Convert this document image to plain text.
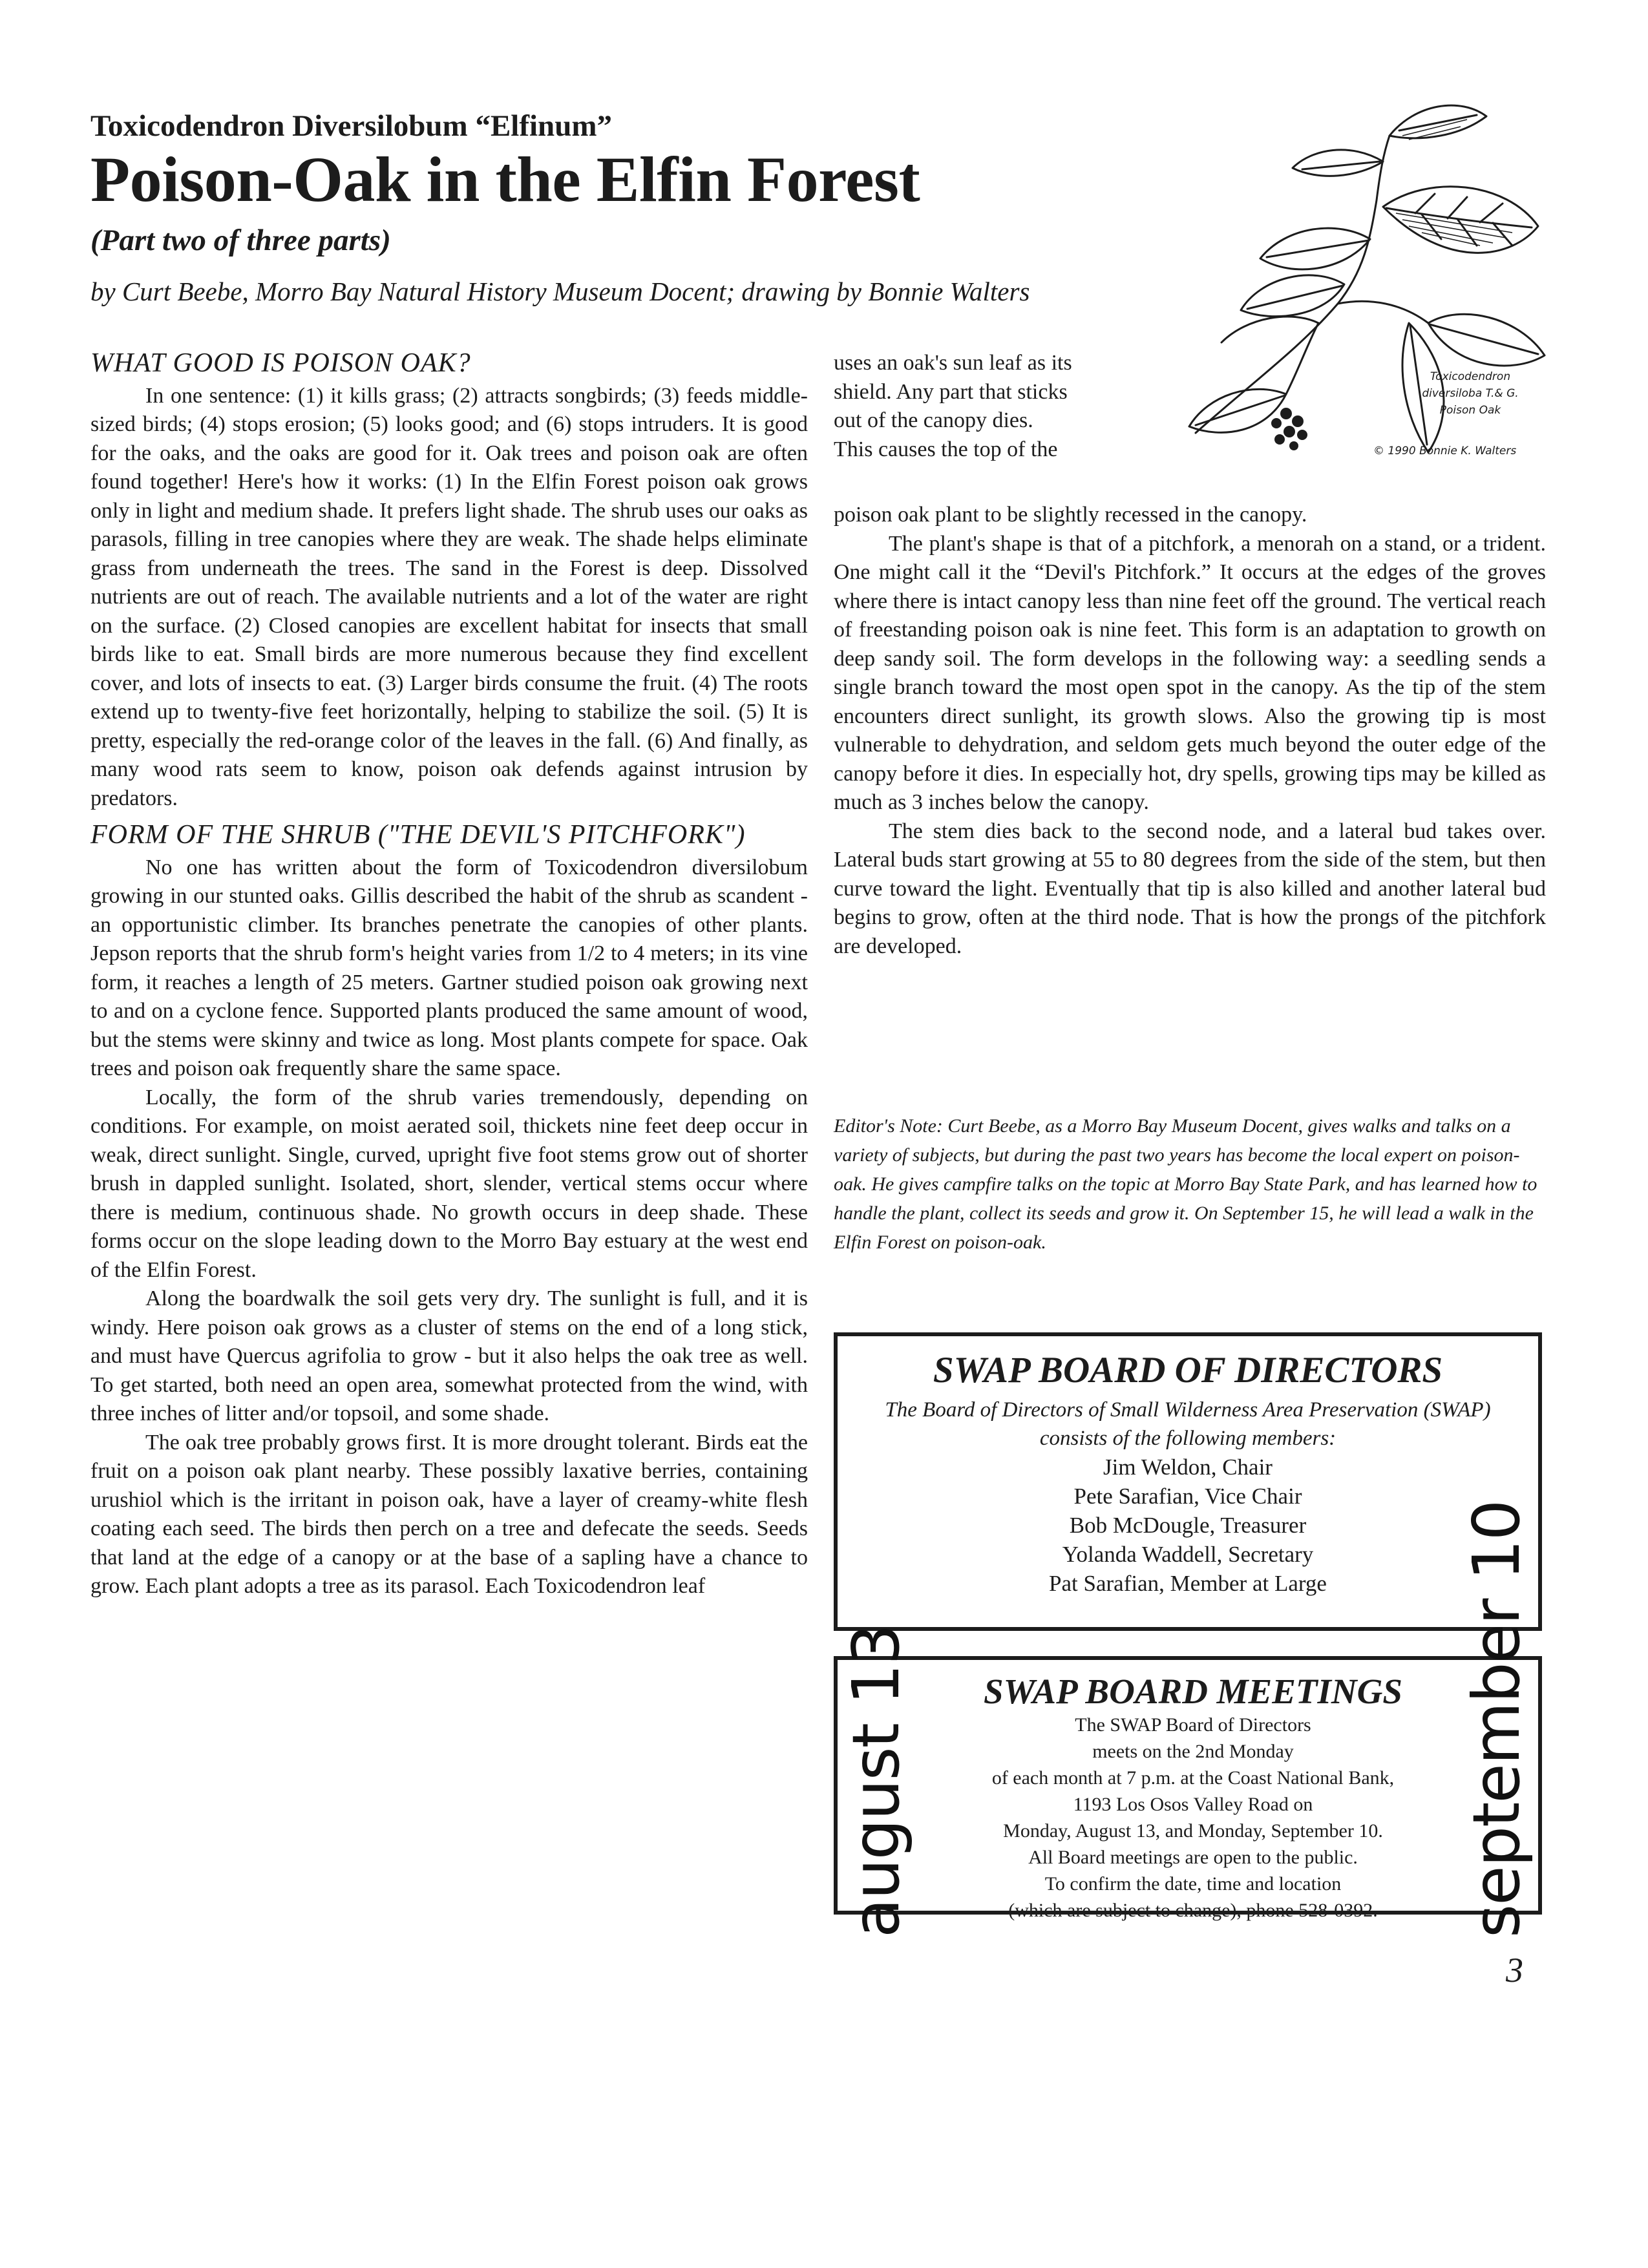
Toxicodendron Diversilobum “Elfinum”
Poison-Oak in the Elfin Forest
(Part two of three parts)
by Curt Beebe, Morro Bay Natural History Museum Docent; drawing by Bonnie Walters
Toxicodendron
diversiloba T.& G.
Poison Oak
© 1990 Bonnie K. Walters
WHAT GOOD IS POISON OAK?

In one sentence: (1) it kills grass; (2) attracts songbirds; (3) feeds middle-sized birds; (4) stops erosion; (5) looks good; and (6) stops intruders. It is good for the oaks, and the oaks are good for it. Oak trees and poison oak are often found together! Here's how it works: (1) In the Elfin Forest poison oak grows only in light and medium shade. It prefers light shade. The shrub uses our oaks as parasols, filling in tree canopies where they are weak. The shade helps eliminate grass from underneath the trees. The sand in the Forest is deep. Dissolved nutrients are out of reach. The available nutrients and a lot of the water are right on the surface. (2) Closed canopies are excellent habitat for insects that small birds like to eat. Small birds are more numerous because they find excellent cover, and lots of insects to eat. (3) Larger birds consume the fruit. (4) The roots extend up to twenty-five feet horizontally, helping to stabilize the soil. (5) It is pretty, especially the red-orange color of the leaves in the fall. (6) And finally, as many wood rats seem to know, poison oak defends against intrusion by predators.

FORM OF THE SHRUB ("THE DEVIL'S PITCHFORK")

No one has written about the form of Toxicodendron diversilobum growing in our stunted oaks. Gillis described the habit of the shrub as scandent - an opportunistic climber. Its branches penetrate the canopies of other plants. Jepson reports that the shrub form's height varies from 1/2 to 4 meters; in its vine form, it reaches a length of 25 meters. Gartner studied poison oak growing next to and on a cyclone fence. Supported plants produced the same amount of wood, but the stems were skinny and twice as long. Most plants compete for space. Oak trees and poison oak frequently share the same space.

Locally, the form of the shrub varies tremendously, depending on conditions. For example, on moist aerated soil, thickets nine feet deep occur in weak, direct sunlight. Single, curved, upright five foot stems grow out of shorter brush in dappled sunlight. Isolated, short, slender, vertical stems occur where there is medium, continuous shade. No growth occurs in deep shade. These forms occur on the slope leading down to the Morro Bay estuary at the west end of the Elfin Forest.

Along the boardwalk the soil gets very dry. The sunlight is full, and it is windy. Here poison oak grows as a cluster of stems on the end of a long stick, and must have Quercus agrifolia to grow - but it also helps the oak tree as well. To get started, both need an open area, somewhat protected from the wind, with three inches of litter and/or topsoil, and some shade.

The oak tree probably grows first. It is more drought tolerant. Birds eat the fruit on a poison oak plant nearby. These possibly laxative berries, containing urushiol which is the irritant in poison oak, have a layer of creamy-white flesh coating each seed. The birds then perch on a tree and defecate the seeds. Seeds that land at the edge of a canopy or at the base of a sapling have a chance to grow. Each plant adopts a tree as its parasol. Each Toxicodendron leaf

uses an oak's sun leaf as its
shield. Any part that sticks
out of the canopy dies.
This causes the top of the

poison oak plant to be slightly recessed in the canopy.

The plant's shape is that of a pitchfork, a menorah on a stand, or a trident. One might call it the “Devil's Pitchfork.” It occurs at the edges of the groves where there is intact canopy less than nine feet off the ground. The vertical reach of freestanding poison oak is nine feet. This form is an adaptation to growth on deep sandy soil. The form develops in the following way: a seedling sends a single branch toward the most open spot in the canopy. As the tip of the stem encounters direct sunlight, its growth slows. Also the growing tip is most vulnerable to dehydration, and seldom gets much beyond the outer edge of the canopy before it dies. In especially hot, dry spells, growing tips may be killed as much as 3 inches below the canopy.

The stem dies back to the second node, and a lateral bud takes over. Lateral buds start growing at 55 to 80 degrees from the side of the stem, but then curve toward the light. Eventually that tip is also killed and another lateral bud begins to grow, often at the third node. That is how the prongs of the pitchfork are developed.

Editor's Note: Curt Beebe, as a Morro Bay Museum Docent, gives walks and talks on a variety of subjects, but during the past two years has become the local expert on poison-oak. He gives campfire talks on the topic at Morro Bay State Park, and has learned how to handle the plant, collect its seeds and grow it. On September 15, he will lead a walk in the Elfin Forest on poison-oak.
SWAP BOARD OF DIRECTORS
The Board of Directors of Small Wilderness Area Preservation (SWAP) consists of the following members:
Jim Weldon, Chair
Pete Sarafian, Vice Chair
Bob McDougle, Treasurer
Yolanda Waddell, Secretary
Pat Sarafian, Member at Large
august 13	SWAP BOARD MEETINGS
The SWAP Board of Directors
meets on the 2nd Monday
of each month at 7 p.m. at the Coast National Bank,
1193 Los Osos Valley Road on
Monday, August 13, and Monday, September 10.
All Board meetings are open to the public.
To confirm the date, time and location
(which are subject to change), phone 528-0392.	september 10
3
